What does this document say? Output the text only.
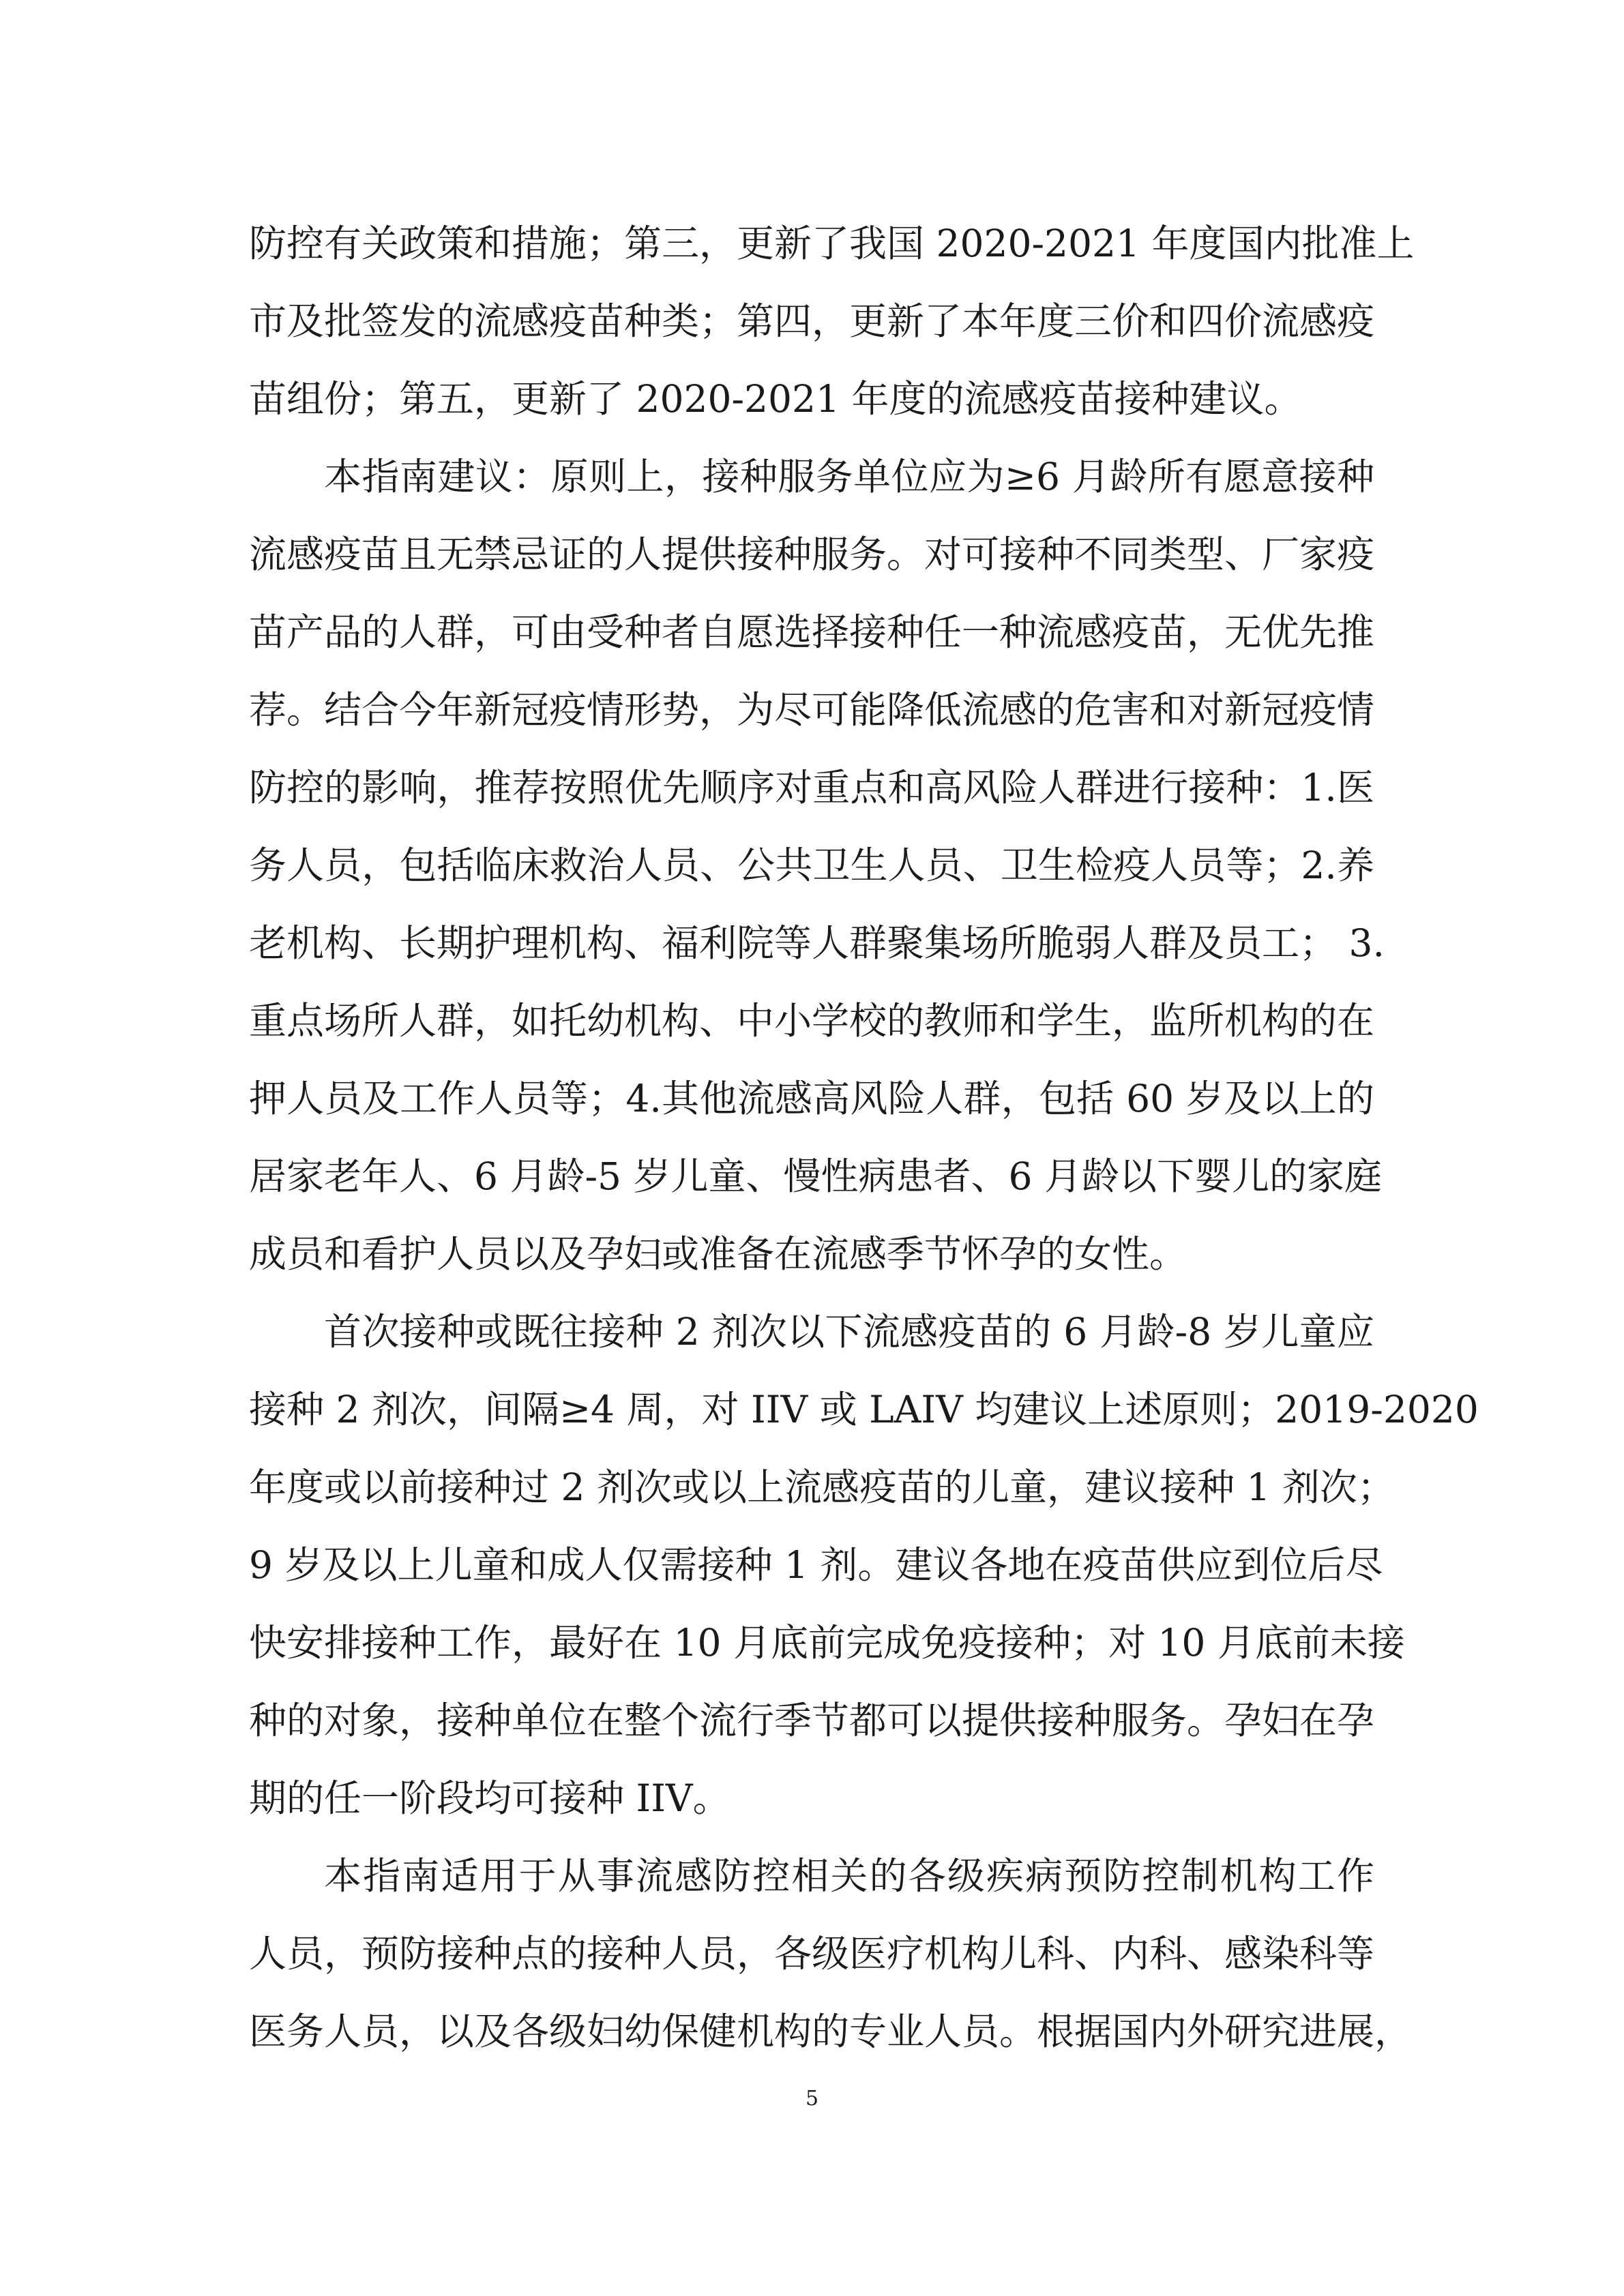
防控有关政策和措施；第三，更新了我国 2020-2021 年度国内批准上
市及批签发的流感疫苗种类；第四，更新了本年度三价和四价流感疫
苗组份；第五，更新了 2020-2021 年度的流感疫苗接种建议。
本指南建议：原则上，接种服务单位应为≥6 月龄所有愿意接种
流感疫苗且无禁忌证的人提供接种服务。对可接种不同类型、厂家疫
苗产品的人群，可由受种者自愿选择接种任一种流感疫苗，无优先推
荐。结合今年新冠疫情形势，为尽可能降低流感的危害和对新冠疫情
防控的影响，推荐按照优先顺序对重点和高风险人群进行接种：1.医
务人员，包括临床救治人员、公共卫生人员、卫生检疫人员等；2.养
老机构、长期护理机构、福利院等人群聚集场所脆弱人群及员工； 3.
重点场所人群，如托幼机构、中小学校的教师和学生，监所机构的在
押人员及工作人员等；4.其他流感高风险人群，包括 60 岁及以上的
居家老年人、6 月龄-5 岁儿童、慢性病患者、6 月龄以下婴儿的家庭
成员和看护人员以及孕妇或准备在流感季节怀孕的女性。
首次接种或既往接种 2 剂次以下流感疫苗的 6 月龄-8 岁儿童应
接种 2 剂次，间隔≥4 周，对 IIV 或 LAIV 均建议上述原则；2019-2020
年度或以前接种过 2 剂次或以上流感疫苗的儿童，建议接种 1 剂次；
9 岁及以上儿童和成人仅需接种 1 剂。建议各地在疫苗供应到位后尽
快安排接种工作，最好在 10 月底前完成免疫接种；对 10 月底前未接
种的对象，接种单位在整个流行季节都可以提供接种服务。孕妇在孕
期的任一阶段均可接种 IIV。
本指南适用于从事流感防控相关的各级疾病预防控制机构工作
人员，预防接种点的接种人员，各级医疗机构儿科、内科、感染科等
医务人员，以及各级妇幼保健机构的专业人员。根据国内外研究进展，
5
